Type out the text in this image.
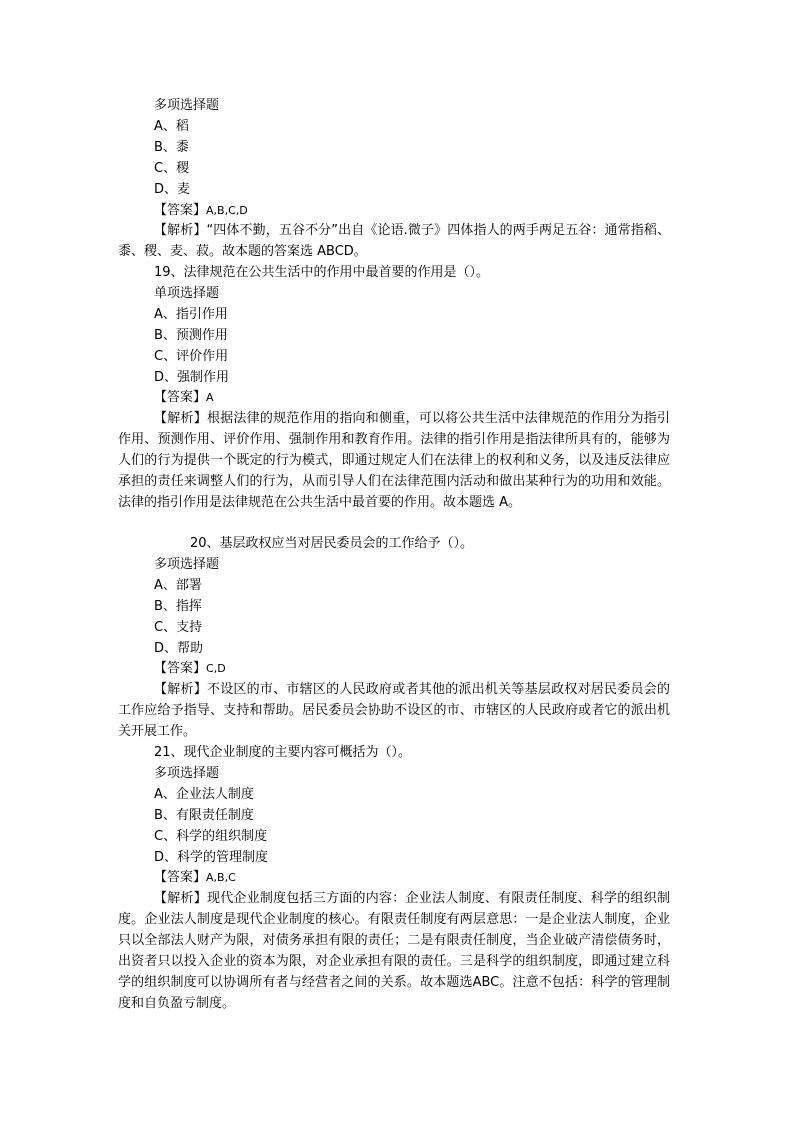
多项选择题
A、稻
B、黍
C、稷
D、麦
【答案】A,B,C,D
【解析】“四体不勤，五谷不分”出自《论语.微子》四体指人的两手两足五谷：通常指稻、黍、稷、麦、菽。故本题的答案选 ABCD。
19、法律规范在公共生活中的作用中最首要的作用是（）。
单项选择题
A、指引作用
B、预测作用
C、评价作用
D、强制作用
【答案】A
【解析】根据法律的规范作用的指向和侧重，可以将公共生活中法律规范的作用分为指引作用、预测作用、评价作用、强制作用和教育作用。法律的指引作用是指法律所具有的，能够为人们的行为提供一个既定的行为模式，即通过规定人们在法律上的权利和义务，以及违反法律应承担的责任来调整人们的行为，从而引导人们在法律范围内活动和做出某种行为的功用和效能。法律的指引作用是法律规范在公共生活中最首要的作用。故本题选 A。
20、基层政权应当对居民委员会的工作给予（）。
多项选择题
A、部署
B、指挥
C、支持
D、帮助
【答案】C,D
【解析】不设区的市、市辖区的人民政府或者其他的派出机关等基层政权对居民委员会的工作应给予指导、支持和帮助。居民委员会协助不设区的市、市辖区的人民政府或者它的派出机关开展工作。
21、现代企业制度的主要内容可概括为（）。
多项选择题
A、企业法人制度
B、有限责任制度
C、科学的组织制度
D、科学的管理制度
【答案】A,B,C
【解析】现代企业制度包括三方面的内容：企业法人制度、有限责任制度、科学的组织制度。企业法人制度是现代企业制度的核心。有限责任制度有两层意思：一是企业法人制度，企业只以全部法人财产为限，对债务承担有限的责任；二是有限责任制度，当企业破产清偿债务时，出资者只以投入企业的资本为限，对企业承担有限的责任。三是科学的组织制度，即通过建立科学的组织制度可以协调所有者与经营者之间的关系。故本题选ABC。注意不包括：科学的管理制度和自负盈亏制度。
